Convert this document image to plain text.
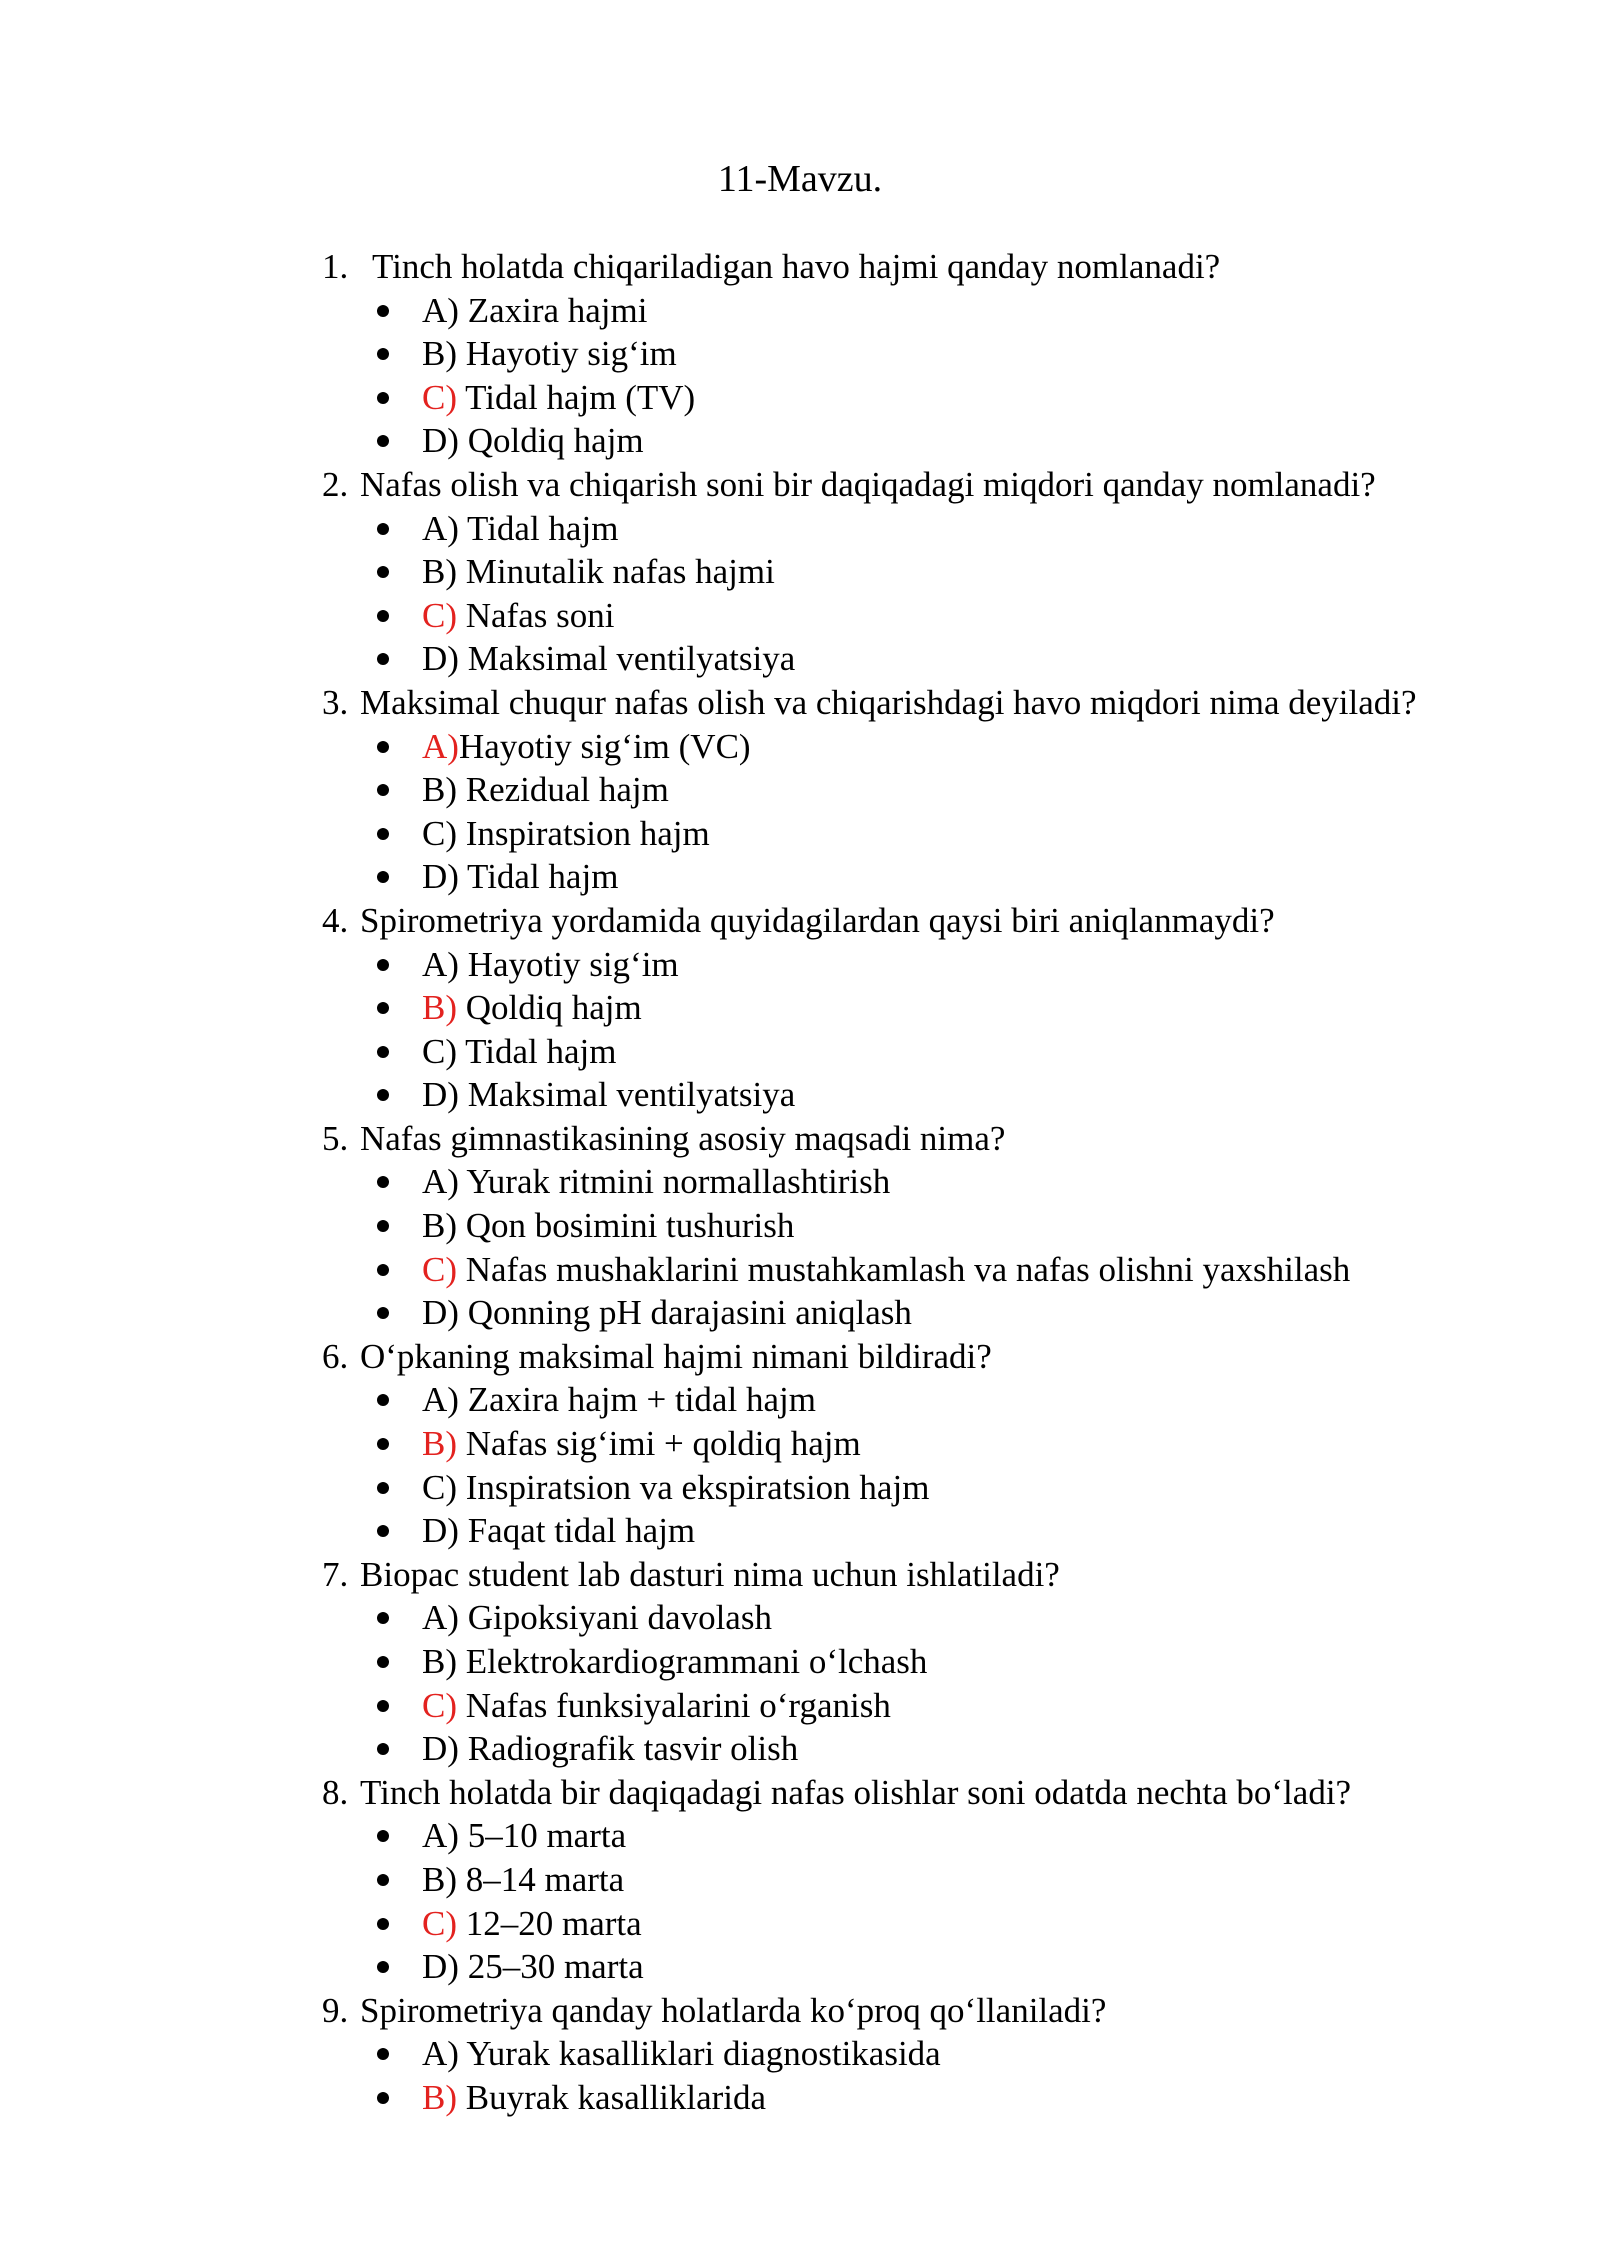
11-Mavzu.
1. Tinch holatda chiqariladigan havo hajmi qanday nomlanadi?
A) Zaxira hajmi
B) Hayotiy sig‘im
C) Tidal hajm (TV)
D) Qoldiq hajm
2. Nafas olish va chiqarish soni bir daqiqadagi miqdori qanday nomlanadi?
A) Tidal hajm
B) Minutalik nafas hajmi
C) Nafas soni
D) Maksimal ventilyatsiya
3. Maksimal chuqur nafas olish va chiqarishdagi havo miqdori nima deyiladi?
A)Hayotiy sig‘im (VC)
B) Rezidual hajm
C) Inspiratsion hajm
D) Tidal hajm
4. Spirometriya yordamida quyidagilardan qaysi biri aniqlanmaydi?
A) Hayotiy sig‘im
B) Qoldiq hajm
C) Tidal hajm
D) Maksimal ventilyatsiya
5. Nafas gimnastikasining asosiy maqsadi nima?
A) Yurak ritmini normallashtirish
B) Qon bosimini tushurish
C) Nafas mushaklarini mustahkamlash va nafas olishni yaxshilash
D) Qonning pH darajasini aniqlash
6. O‘pkaning maksimal hajmi nimani bildiradi?
A) Zaxira hajm + tidal hajm
B) Nafas sig‘imi + qoldiq hajm
C) Inspiratsion va ekspiratsion hajm
D) Faqat tidal hajm
7. Biopac student lab dasturi nima uchun ishlatiladi?
A) Gipoksiyani davolash
B) Elektrokardiogrammani o‘lchash
C) Nafas funksiyalarini o‘rganish
D) Radiografik tasvir olish
8. Tinch holatda bir daqiqadagi nafas olishlar soni odatda nechta bo‘ladi?
A) 5–10 marta
B) 8–14 marta
C) 12–20 marta
D) 25–30 marta
9. Spirometriya qanday holatlarda ko‘proq qo‘llaniladi?
A) Yurak kasalliklari diagnostikasida
B) Buyrak kasalliklarida
